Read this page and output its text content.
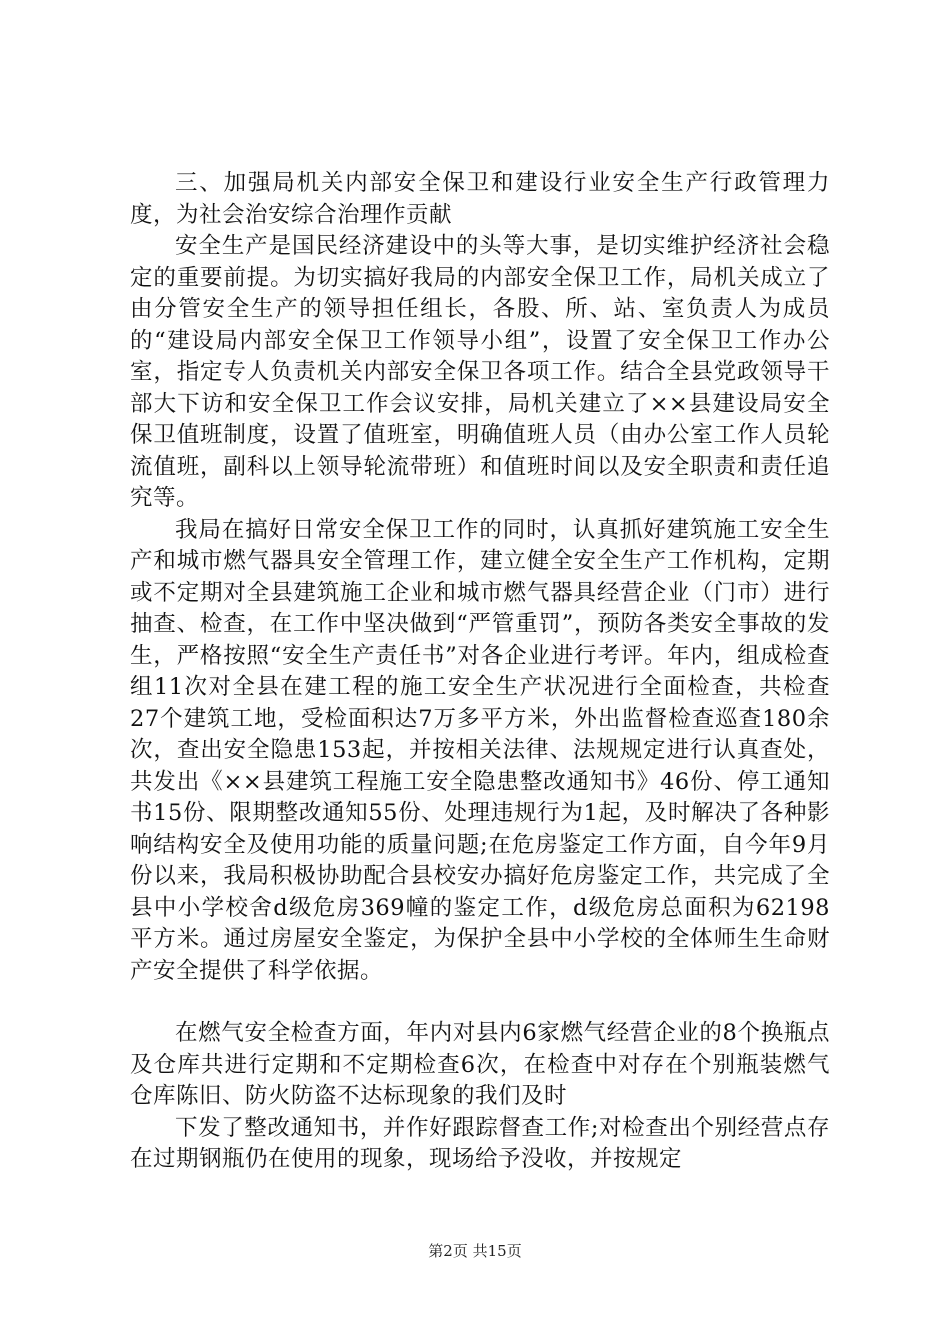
三、加强局机关内部安全保卫和建设行业安全生产行政管理力度，为社会治安综合治理作贡献

安全生产是国民经济建设中的头等大事，是切实维护经济社会稳定的重要前提。为切实搞好我局的内部安全保卫工作，局机关成立了由分管安全生产的领导担任组长，各股、所、站、室负责人为成员的“建设局内部安全保卫工作领导小组”，设置了安全保卫工作办公室，指定专人负责机关内部安全保卫各项工作。结合全县党政领导干部大下访和安全保卫工作会议安排，局机关建立了××县建设局安全保卫值班制度，设置了值班室，明确值班人员（由办公室工作人员轮流值班，副科以上领导轮流带班）和值班时间以及安全职责和责任追究等。

我局在搞好日常安全保卫工作的同时，认真抓好建筑施工安全生产和城市燃气器具安全管理工作，建立健全安全生产工作机构，定期或不定期对全县建筑施工企业和城市燃气器具经营企业（门市）进行抽查、检查，在工作中坚决做到“严管重罚”，预防各类安全事故的发生，严格按照“安全生产责任书”对各企业进行考评。年内，组成检查组11次对全县在建工程的施工安全生产状况进行全面检查，共检查27个建筑工地，受检面积达7万多平方米，外出监督检查巡查180余次，查出安全隐患153起，并按相关法律、法规规定进行认真查处，共发出《××县建筑工程施工安全隐患整改通知书》46份、停工通知书15份、限期整改通知55份、处理违规行为1起，及时解决了各种影响结构安全及使用功能的质量问题;在危房鉴定工作方面，自今年9月份以来，我局积极协助配合县校安办搞好危房鉴定工作，共完成了全县中小学校舍d级危房369幢的鉴定工作，d级危房总面积为62198平方米。通过房屋安全鉴定，为保护全县中小学校的全体师生生命财产安全提供了科学依据。

在燃气安全检查方面，年内对县内6家燃气经营企业的8个换瓶点及仓库共进行定期和不定期检查6次，在检查中对存在个别瓶装燃气仓库陈旧、防火防盗不达标现象的我们及时

下发了整改通知书，并作好跟踪督查工作;对检查出个别经营点存在过期钢瓶仍在使用的现象，现场给予没收，并按规定

第2页 共15页
